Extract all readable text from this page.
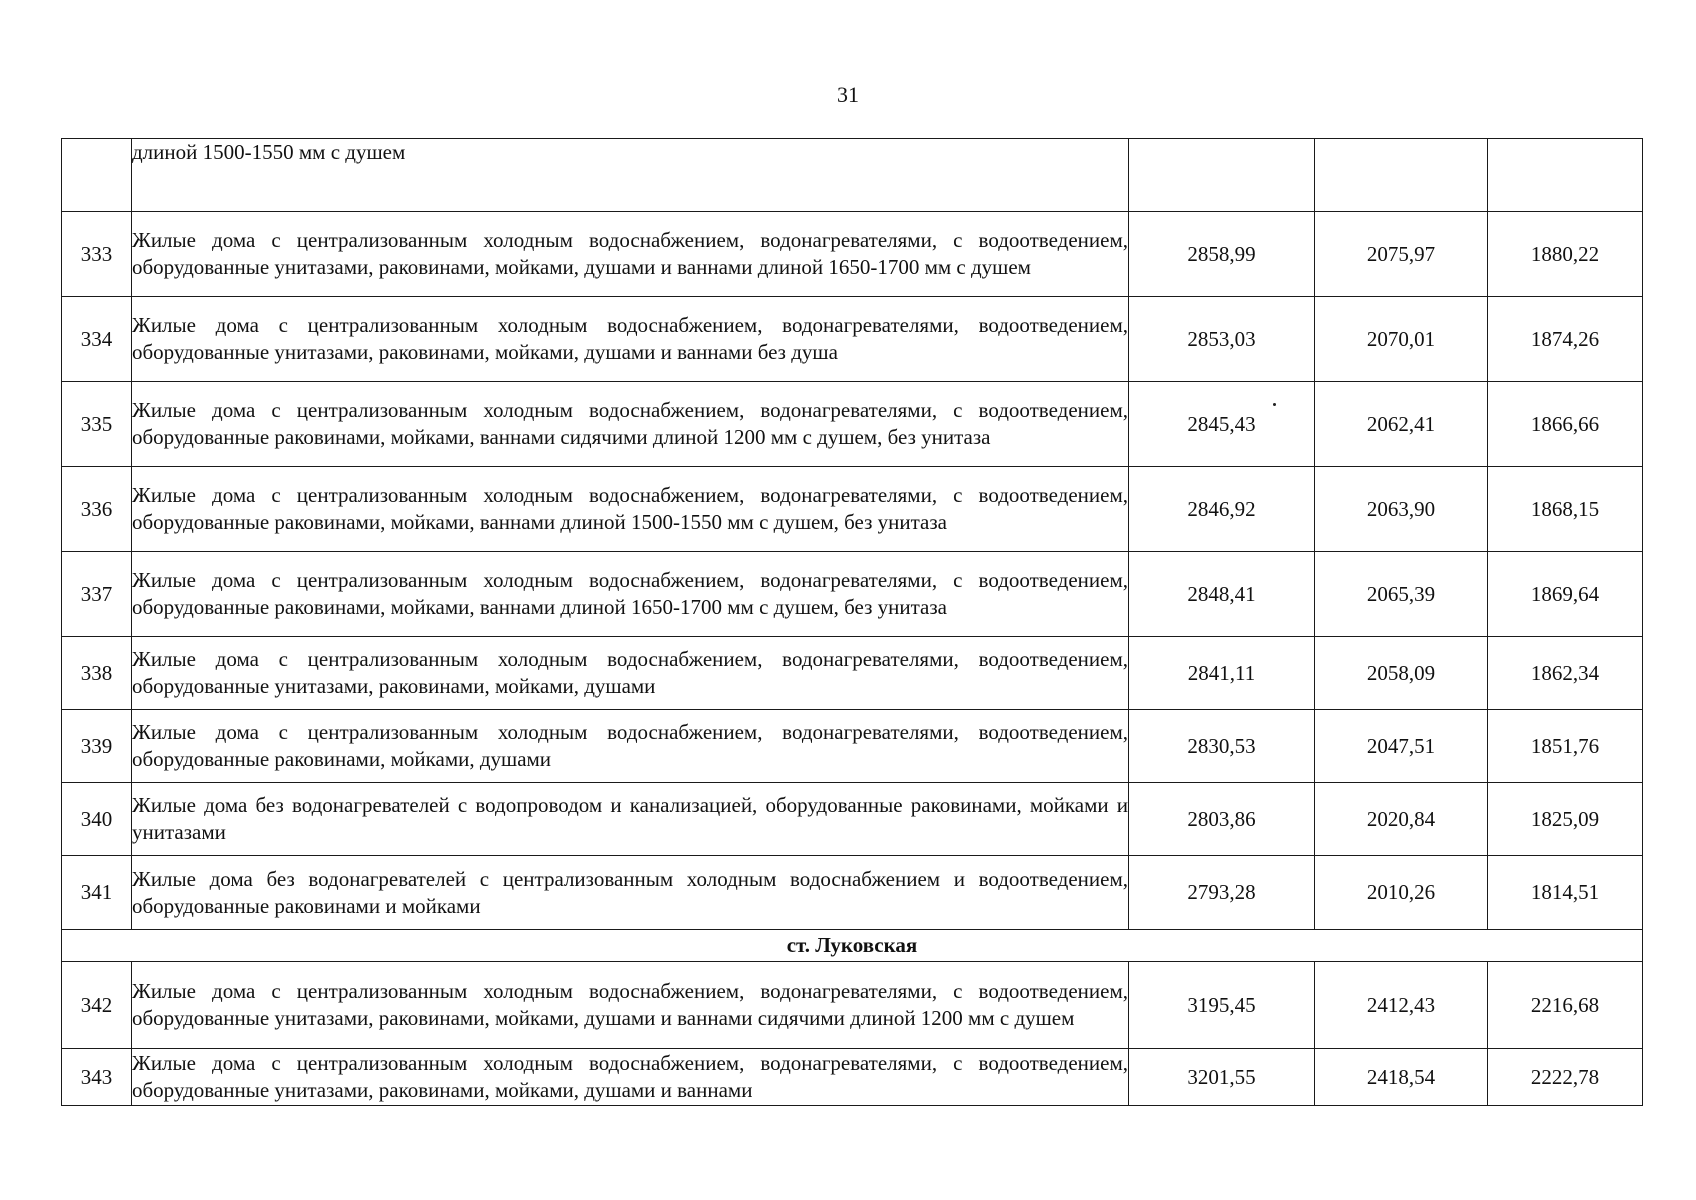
31
	длиной 1500-1550 мм с душем			
333	Жилые дома с централизованным холодным водоснабжением, водонагревателями, с водоотведением, оборудованные унитазами, раковинами, мойками, душами и ваннами длиной 1650-1700 мм с душем	2858,99	2075,97	1880,22
334	Жилые дома с централизованным холодным водоснабжением, водонагревателями, водоотведением, оборудованные унитазами, раковинами, мойками, душами и ваннами без душа	2853,03	2070,01	1874,26
335	Жилые дома с централизованным холодным водоснабжением, водонагревателями, с водоотведением, оборудованные раковинами, мойками, ваннами сидячими длиной 1200 мм с душем, без унитаза	2845,43	2062,41	1866,66
336	Жилые дома с централизованным холодным водоснабжением, водонагревателями, с водоотведением, оборудованные раковинами, мойками, ваннами длиной 1500-1550 мм с душем, без унитаза	2846,92	2063,90	1868,15
337	Жилые дома с централизованным холодным водоснабжением, водонагревателями, с водоотведением, оборудованные раковинами, мойками, ваннами длиной 1650-1700 мм с душем, без унитаза	2848,41	2065,39	1869,64
338	Жилые дома с централизованным холодным водоснабжением, водонагревателями, водоотведением, оборудованные унитазами, раковинами, мойками, душами	2841,11	2058,09	1862,34
339	Жилые дома с централизованным холодным водоснабжением, водонагревателями, водоотведением, оборудованные раковинами, мойками, душами	2830,53	2047,51	1851,76
340	Жилые дома без водонагревателей с водопроводом и канализацией, оборудованные раковинами, мойками и унитазами	2803,86	2020,84	1825,09
341	Жилые дома без водонагревателей с централизованным холодным водоснабжением и водоотведением, оборудованные раковинами и мойками	2793,28	2010,26	1814,51
ст. Луковская				
342	Жилые дома с централизованным холодным водоснабжением, водонагревателями, с водоотведением, оборудованные унитазами, раковинами, мойками, душами и ваннами сидячими длиной 1200 мм с душем	3195,45	2412,43	2216,68
343	Жилые дома с централизованным холодным водоснабжением, водонагревателями, с водоотведением, оборудованные унитазами, раковинами, мойками, душами и ваннами	3201,55	2418,54	2222,78
